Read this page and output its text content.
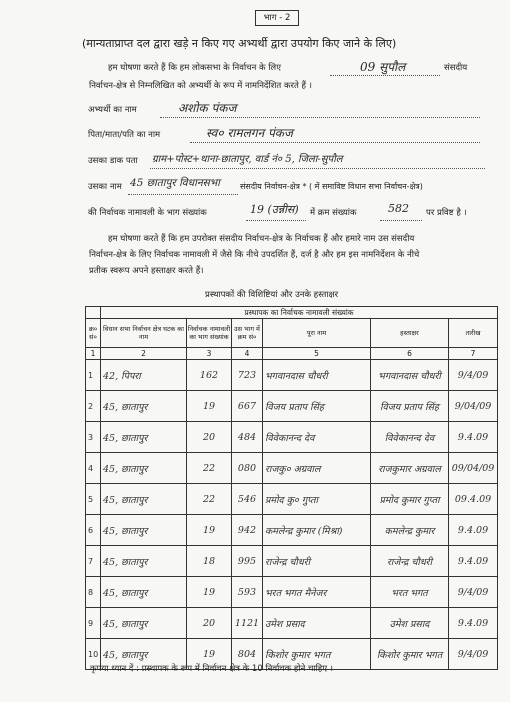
भाग - 2
(मान्यताप्राप्त दल द्वारा खड़े न किए गए अभ्यर्थी द्वारा उपयोग किए जाने के लिए)
हम घोषणा करते हैं कि हम लोकसभा के निर्वाचन के लिए	09 सुपौल	संसदीय
निर्वाचन-क्षेत्र से निम्नलिखित को अभ्यर्थी के रूप में नामनिर्देशित करते हैं ।
अभ्यर्थी का नाम	अशोक पंकज
पिता/माता/पति का नाम	स्व० रामलगन पंकज
उसका डाक पता ग्राम+पोस्ट+थाना-छातापुर, वार्ड नं० 5, जिला-सुपौल
उसका नाम 45 छातापुर विधानसभा	संसदीय निर्वाचन-क्षेत्र * ( में समाविष्ट विधान सभा निर्वाचन-क्षेत्र)
की निर्वाचक नामावली के भाग संख्यांक	19 (उन्नीस) में क्रम संख्यांक	582 पर प्रविष्ट है ।
हम घोषणा करते हैं कि हम उपरोक्त संसदीय निर्वाचन-क्षेत्र के निर्वाचक हैं और हमारे नाम उस संसदीय
निर्वाचन-क्षेत्र के लिए निर्वाचक नामावली में जैसे कि नीचे उपदर्शित हैं, दर्ज है और हम इस नामनिर्देशन के नीचे
प्रतीक स्वरूप अपने हस्ताक्षर करते हैं।
प्रस्थापकों की विशिष्टियां और उनके हस्ताक्षर
	प्रस्थापक का निर्वाचक नामावली संख्यांक					
क्र० सं०	विधान सभा निर्वाचन क्षेत्र घटक का नाम	निर्वाचक नामावली का भाग संख्यांक	उस भाग में क्रम सं०	पूरा नाम	हस्ताक्षर	तारीख
1	2	3	4	5	6	7
1	42, पिपरा	162	723	भगवानदास चौधरी	भगवानदास चौधरी	9/4/09
2	45, छातापुर	19	667	विजय प्रताप सिंह	विजय प्रताप सिंह	9/04/09
3	45, छातापुर	20	484	विवेकानन्द देव	विवेकानन्द देव	9.4.09
4	45, छातापुर	22	080	राजकु० अग्रवाल	राजकुमार अग्रवाल	09/04/09
5	45, छातापुर	22	546	प्रमोद कु० गुप्ता	प्रमोद कुमार गुप्ता	09.4.09
6	45, छातापुर	19	942	कमलेन्द्र कुमार (मिश्रा)	कमलेन्द्र कुमार	9.4.09
7	45, छातापुर	18	995	राजेन्द्र चौधरी	राजेन्द्र चौधरी	9.4.09
8	45, छातापुर	19	593	भरत भगत मैनेजर	भरत भगत	9/4/09
9	45, छातापुर	20	1121	उमेश प्रसाद	उमेश प्रसाद	9.4.09
10	45, छातापुर	19	804	किशोर कुमार भगत	किशोर कुमार भगत	9/4/09
कृपया ध्यान दें : प्रस्थापक के रूप में निर्वाचन क्षेत्र के 10 निर्वाचक होने चाहिए ।
